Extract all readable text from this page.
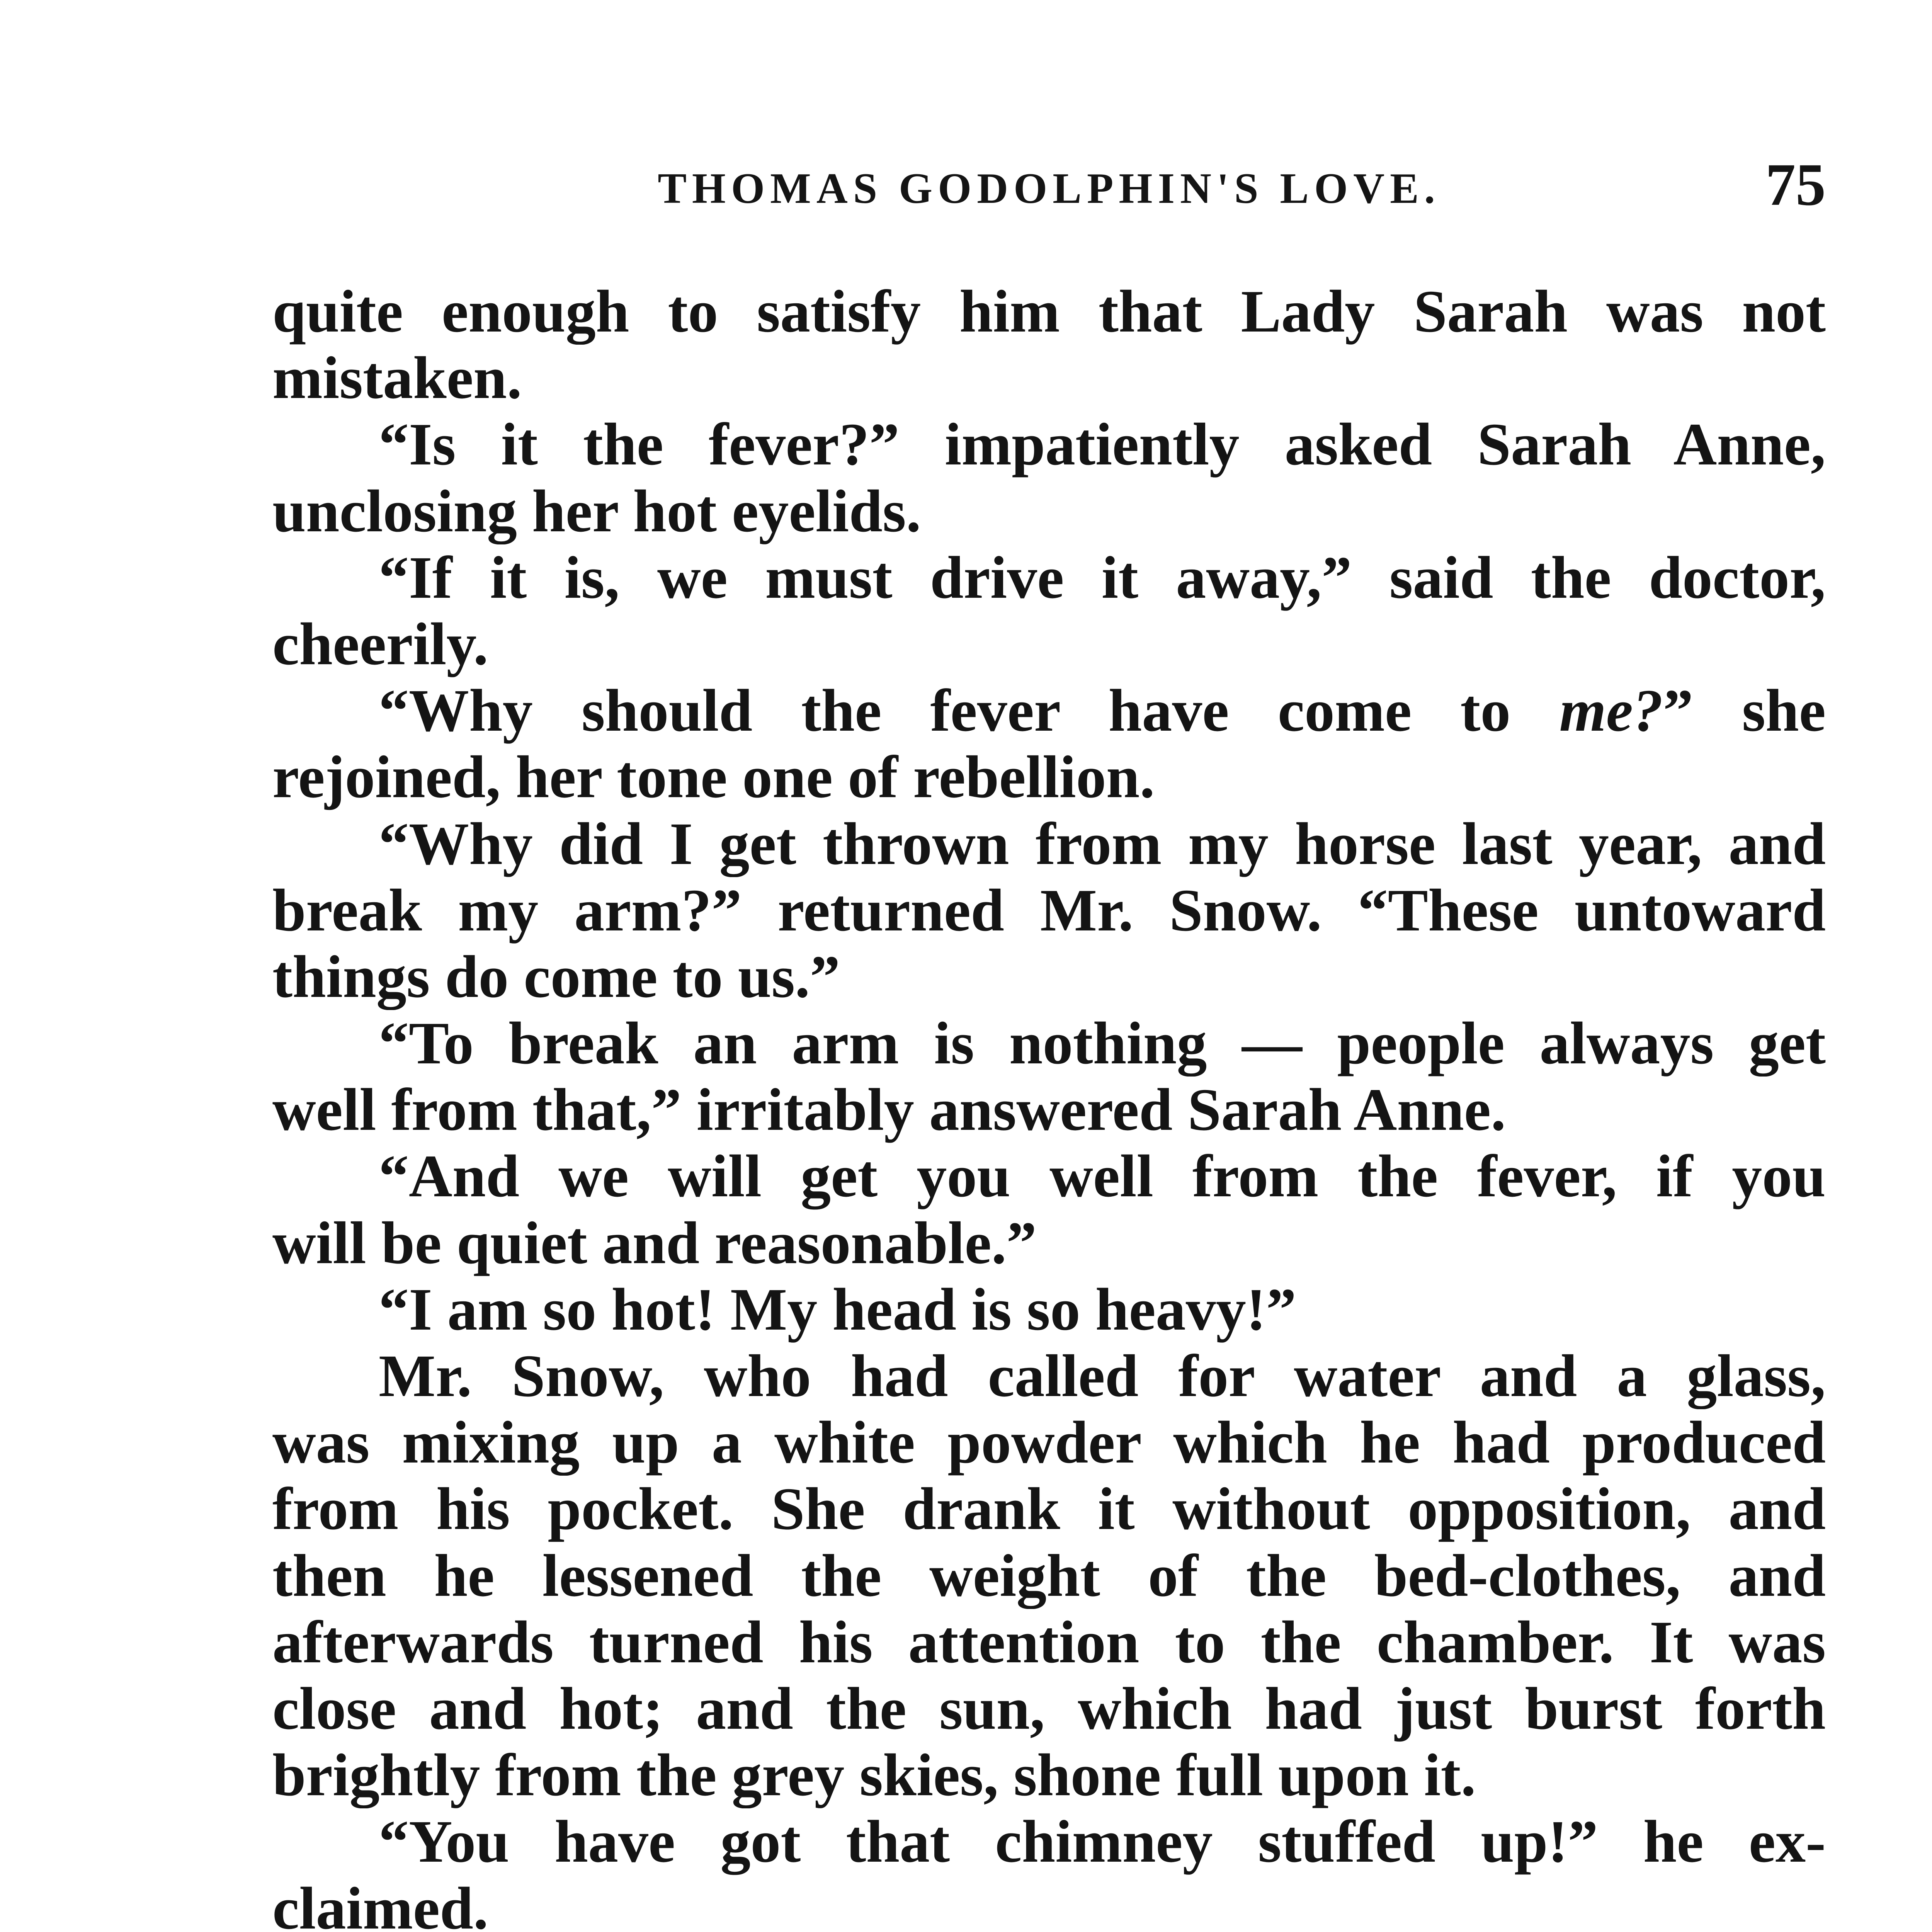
THOMAS GODOLPHIN'S LOVE.	75
quite enough to satisfy him that Lady Sarah was not
mistaken.
“Is it the fever?” impatiently asked Sarah Anne,
unclosing her hot eyelids.
“If it is, we must drive it away,” said the doctor,
cheerily.
“Why should the fever have come to me?” she
rejoined, her tone one of rebellion.
“Why did I get thrown from my horse last year, and
break my arm?” returned Mr. Snow. “These untoward
things do come to us.”
“To break an arm is nothing — people always get
well from that,” irritably answered Sarah Anne.
“And we will get you well from the fever, if you
will be quiet and reasonable.”
“I am so hot! My head is so heavy!”
Mr. Snow, who had called for water and a glass,
was mixing up a white powder which he had produced
from his pocket. She drank it without opposition, and
then he lessened the weight of the bed-clothes, and
afterwards turned his attention to the chamber. It was
close and hot; and the sun, which had just burst forth
brightly from the grey skies, shone full upon it.
“You have got that chimney stuffed up!” he ex-
claimed.
